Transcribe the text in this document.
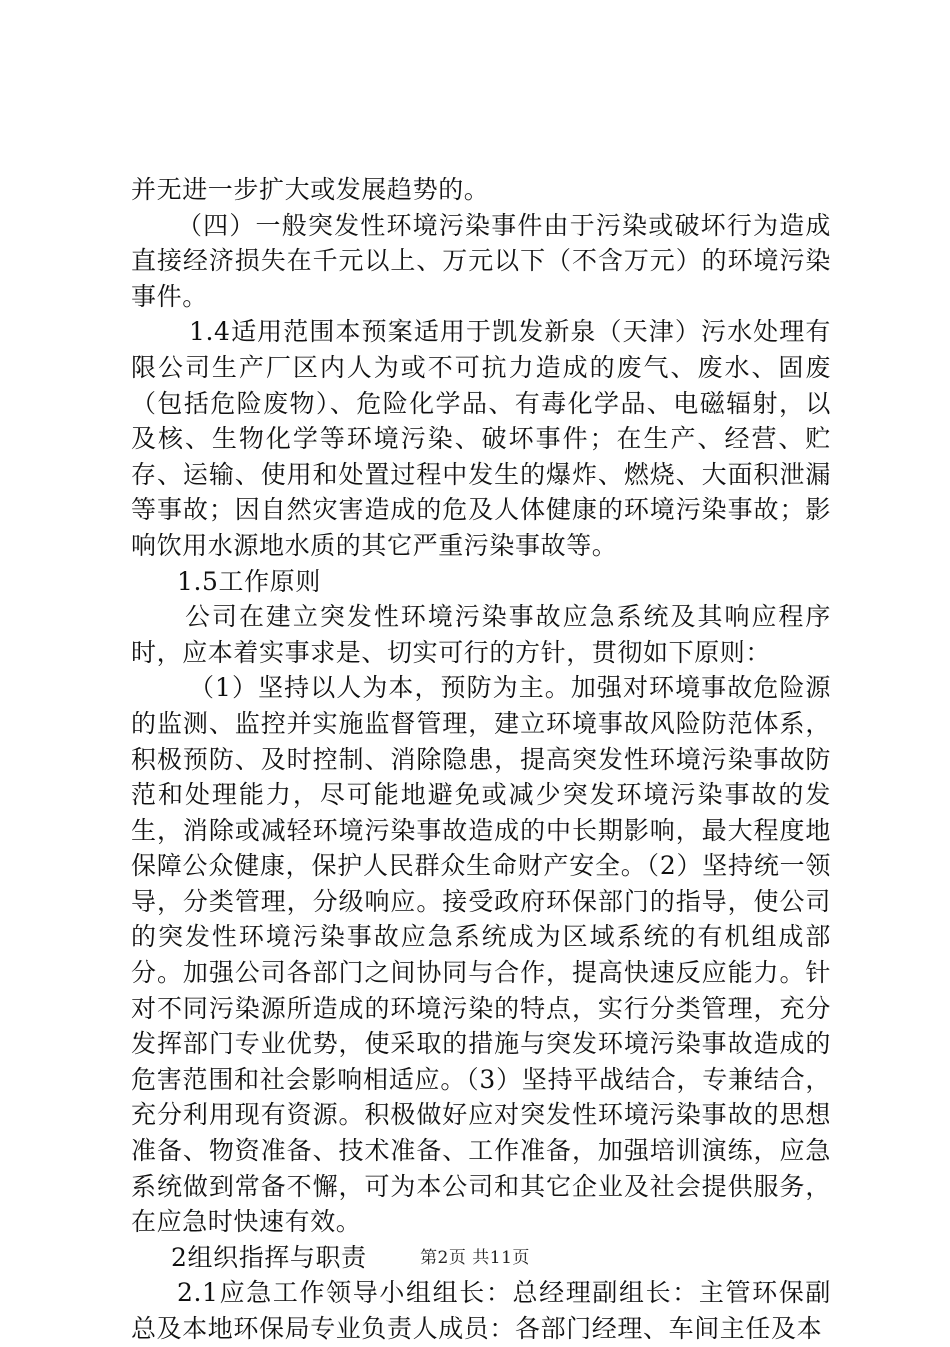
并无进一步扩大或发展趋势的。

（四）一般突发性环境污染事件由于污染或破坏行为造成直接经济损失在千元以上、万元以下（不含万元）的环境污染事件。

1.4适用范围本预案适用于凯发新泉（天津）污水处理有限公司生产厂区内人为或不可抗力造成的废气、废水、固废（包括危险废物）、危险化学品、有毒化学品、电磁辐射，以及核、生物化学等环境污染、破坏事件；在生产、经营、贮存、运输、使用和处置过程中发生的爆炸、燃烧、大面积泄漏等事故；因自然灾害造成的危及人体健康的环境污染事故；影响饮用水源地水质的其它严重污染事故等。

1.5工作原则

公司在建立突发性环境污染事故应急系统及其响应程序时，应本着实事求是、切实可行的方针，贯彻如下原则：

（1）坚持以人为本，预防为主。加强对环境事故危险源的监测、监控并实施监督管理，建立环境事故风险防范体系，积极预防、及时控制、消除隐患，提高突发性环境污染事故防范和处理能力，尽可能地避免或减少突发环境污染事故的发生，消除或减轻环境污染事故造成的中长期影响，最大程度地保障公众健康，保护人民群众生命财产安全。（2）坚持统一领导，分类管理，分级响应。接受政府环保部门的指导，使公司的突发性环境污染事故应急系统成为区域系统的有机组成部分。加强公司各部门之间协同与合作，提高快速反应能力。针对不同污染源所造成的环境污染的特点，实行分类管理，充分发挥部门专业优势，使采取的措施与突发环境污染事故造成的危害范围和社会影响相适应。（3）坚持平战结合，专兼结合，充分利用现有资源。积极做好应对突发性环境污染事故的思想准备、物资准备、技术准备、工作准备，加强培训演练，应急系统做到常备不懈，可为本公司和其它企业及社会提供服务，在应急时快速有效。

2组织指挥与职责

2.1应急工作领导小组组长：总经理副组长：主管环保副总及本地环保局专业负责人成员：各部门经理、车间主任及本

第2页 共11页
